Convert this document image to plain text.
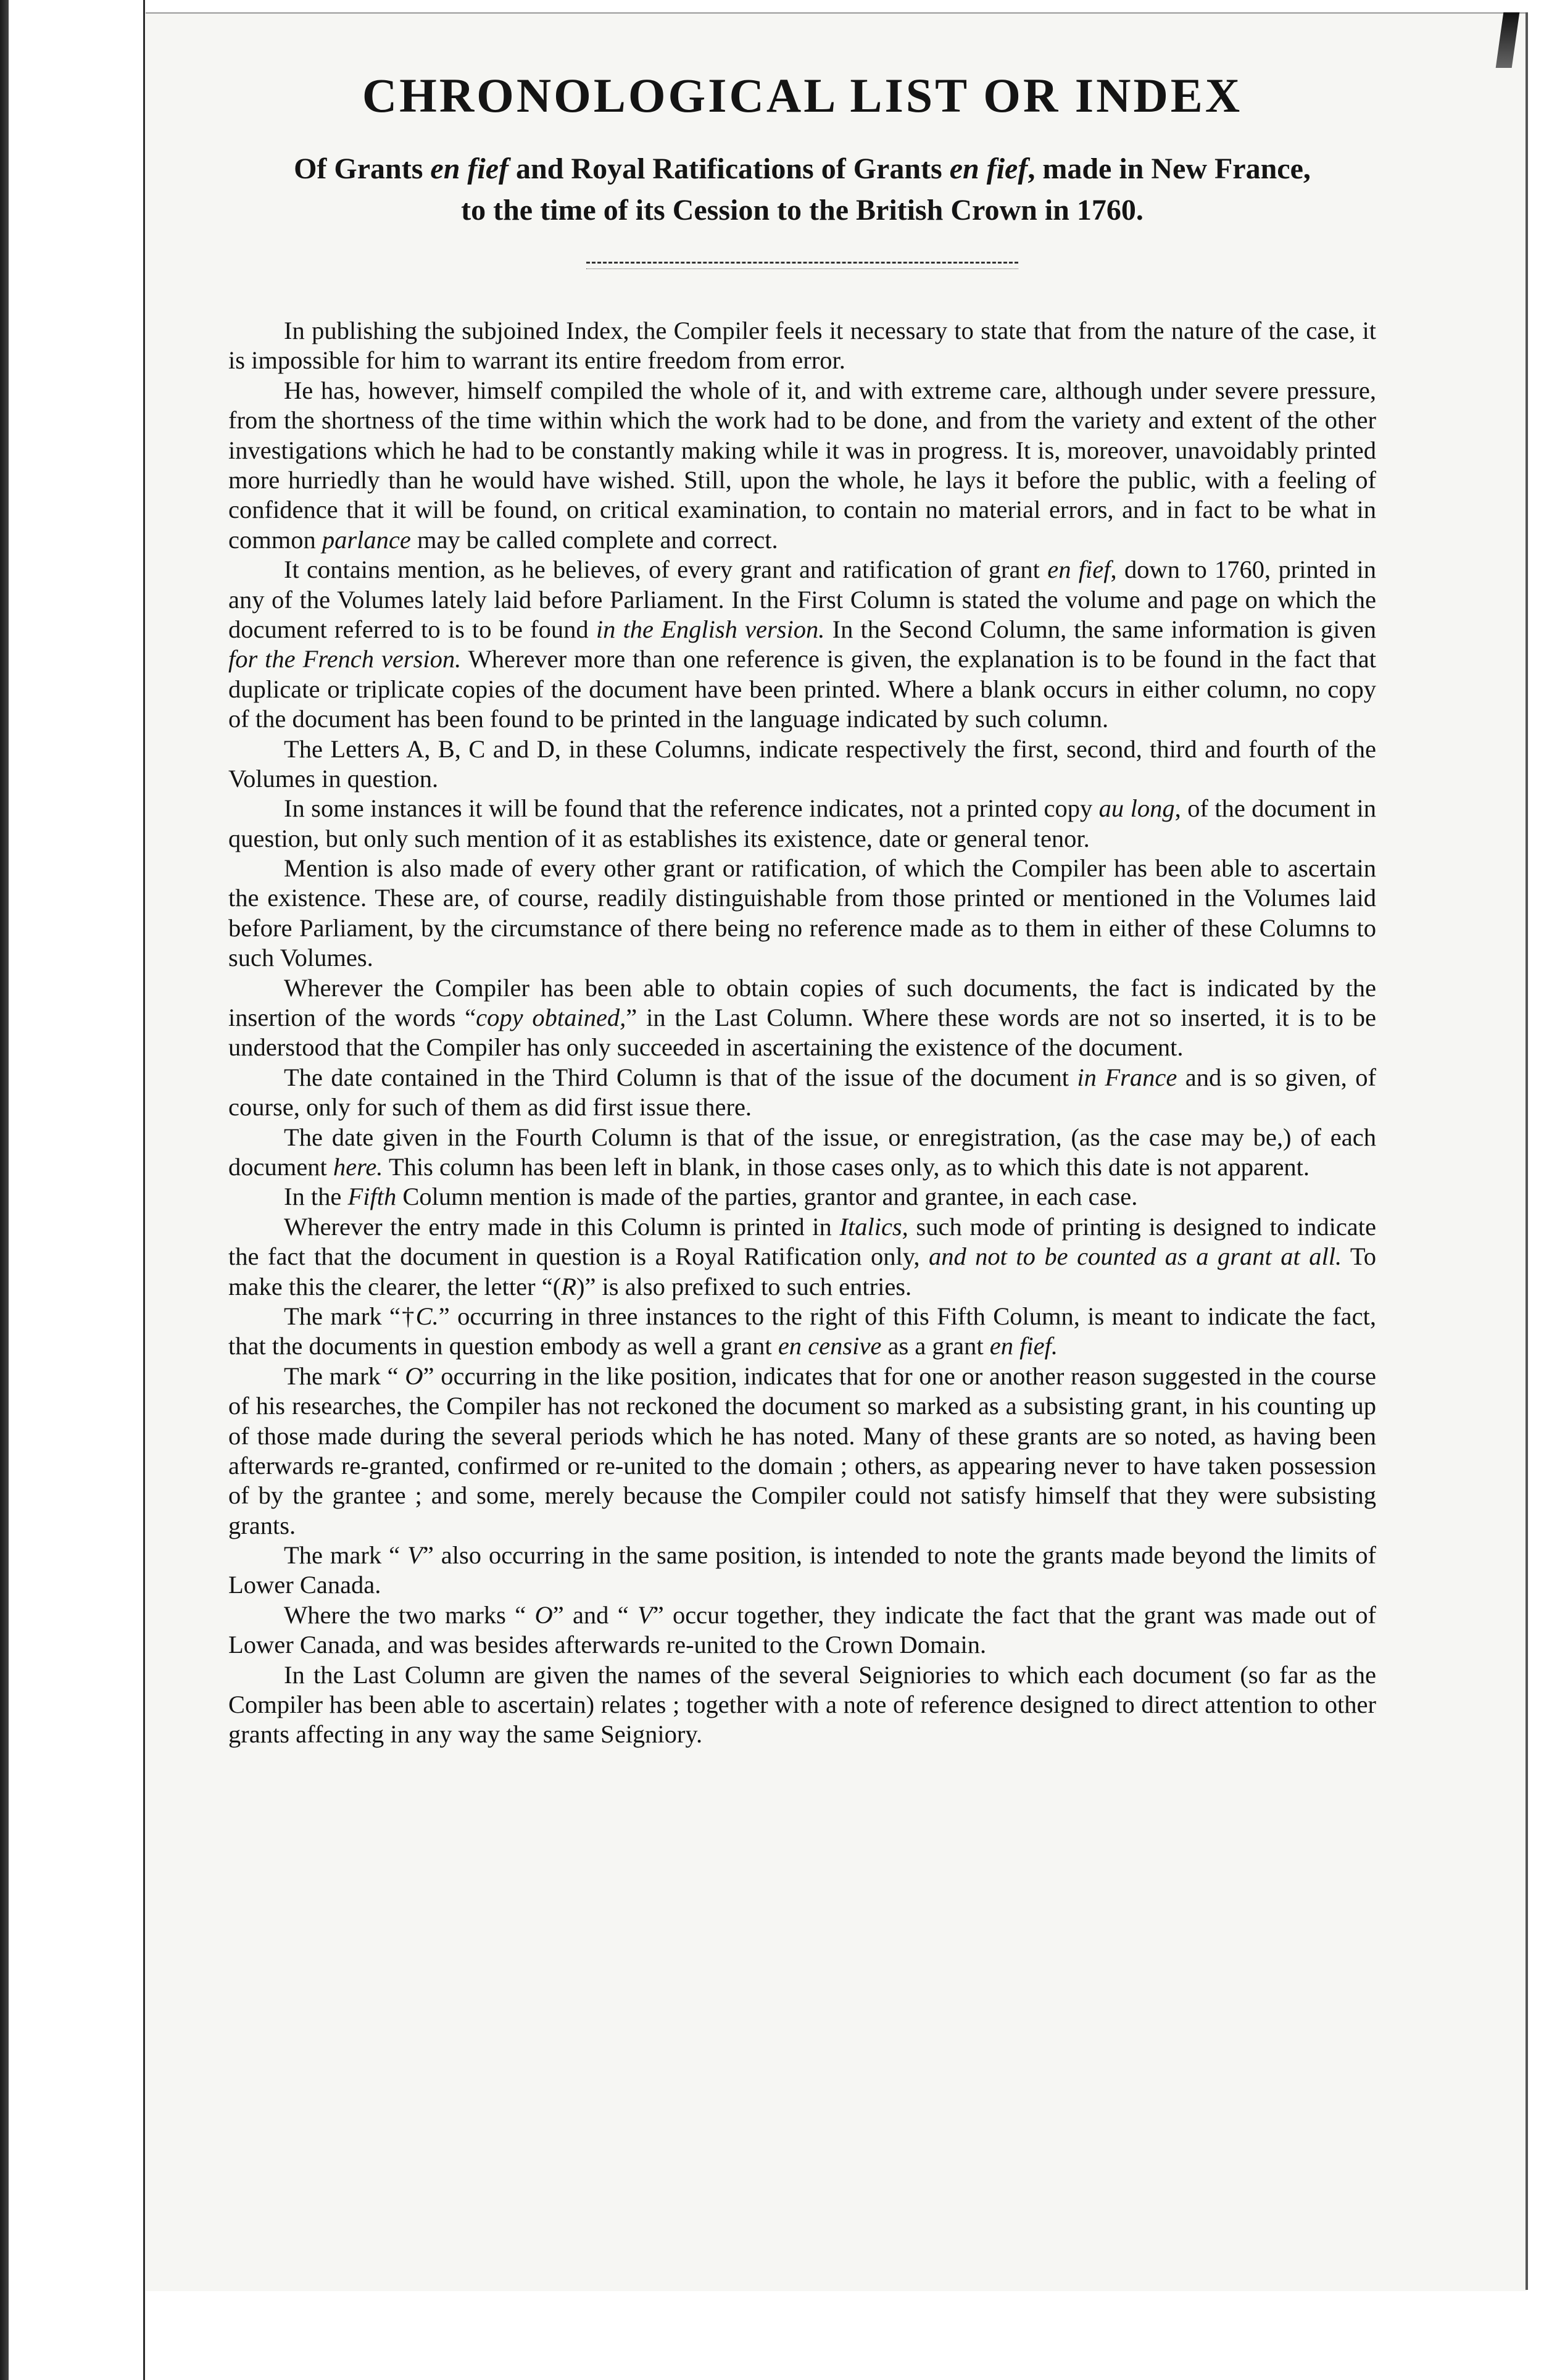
CHRONOLOGICAL LIST OR INDEX

Of Grants en fief and Royal Ratifications of Grants en fief, made in New France,
to the time of its Cession to the British Crown in 1760.

In publishing the subjoined Index, the Compiler feels it necessary to state that from the nature of the case, it is impossible for him to warrant its entire freedom from error.

He has, however, himself compiled the whole of it, and with extreme care, although under severe pressure, from the shortness of the time within which the work had to be done, and from the variety and extent of the other investigations which he had to be constantly making while it was in progress. It is, moreover, unavoidably printed more hurriedly than he would have wished. Still, upon the whole, he lays it before the public, with a feeling of confidence that it will be found, on critical examination, to contain no material errors, and in fact to be what in common parlance may be called complete and correct.

It contains mention, as he believes, of every grant and ratification of grant en fief, down to 1760, printed in any of the Volumes lately laid before Parliament. In the First Column is stated the volume and page on which the document referred to is to be found in the English version. In the Second Column, the same information is given for the French version. Wherever more than one reference is given, the explanation is to be found in the fact that duplicate or triplicate copies of the document have been printed. Where a blank occurs in either column, no copy of the document has been found to be printed in the language indicated by such column.

The Letters A, B, C and D, in these Columns, indicate respectively the first, second, third and fourth of the Volumes in question.

In some instances it will be found that the reference indicates, not a printed copy au long, of the document in question, but only such mention of it as establishes its existence, date or general tenor.

Mention is also made of every other grant or ratification, of which the Compiler has been able to ascertain the existence. These are, of course, readily distinguishable from those printed or mentioned in the Volumes laid before Parliament, by the circumstance of there being no reference made as to them in either of these Columns to such Volumes.

Wherever the Compiler has been able to obtain copies of such documents, the fact is indicated by the insertion of the words “copy obtained,” in the Last Column. Where these words are not so inserted, it is to be understood that the Compiler has only succeeded in ascertaining the existence of the document.

The date contained in the Third Column is that of the issue of the document in France and is so given, of course, only for such of them as did first issue there.

The date given in the Fourth Column is that of the issue, or enregistration, (as the case may be,) of each document here. This column has been left in blank, in those cases only, as to which this date is not apparent.

In the Fifth Column mention is made of the parties, grantor and grantee, in each case.

Wherever the entry made in this Column is printed in Italics, such mode of printing is designed to indicate the fact that the document in question is a Royal Ratification only, and not to be counted as a grant at all. To make this the clearer, the letter “(R)” is also prefixed to such entries.

The mark “†C.” occurring in three instances to the right of this Fifth Column, is meant to indicate the fact, that the documents in question embody as well a grant en censive as a grant en fief.

The mark “ O” occurring in the like position, indicates that for one or another reason suggested in the course of his researches, the Compiler has not reckoned the document so marked as a subsisting grant, in his counting up of those made during the several periods which he has noted. Many of these grants are so noted, as having been afterwards re-granted, confirmed or re-united to the domain ; others, as appearing never to have taken possession of by the grantee ; and some, merely because the Compiler could not satisfy himself that they were subsisting grants.

The mark “ V” also occurring in the same position, is intended to note the grants made beyond the limits of Lower Canada.

Where the two marks “ O” and “ V” occur together, they indicate the fact that the grant was made out of Lower Canada, and was besides afterwards re-united to the Crown Domain.

In the Last Column are given the names of the several Seigniories to which each document (so far as the Compiler has been able to ascertain) relates ; together with a note of reference designed to direct attention to other grants affecting in any way the same Seigniory.
